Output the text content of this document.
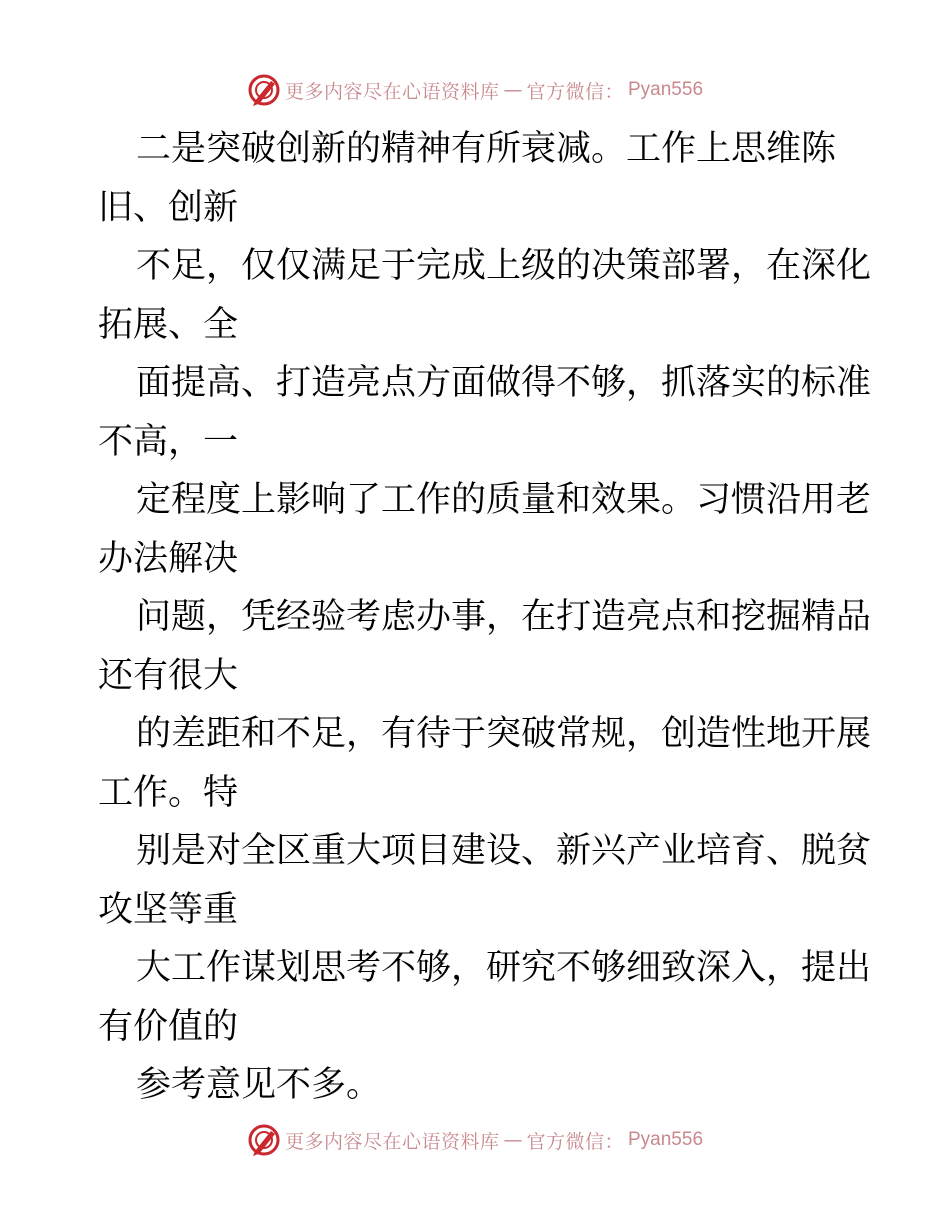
更多内容尽在心语资料库 — 官方微信： Pyan556
二是突破创新的精神有所衰减。工作上思维陈
旧、创新
不足，仅仅满足于完成上级的决策部署，在深化
拓展、全
面提高、打造亮点方面做得不够，抓落实的标准
不高，一
定程度上影响了工作的质量和效果。习惯沿用老
办法解决
问题，凭经验考虑办事，在打造亮点和挖掘精品
还有很大
的差距和不足，有待于突破常规，创造性地开展
工作。特
别是对全区重大项目建设、新兴产业培育、脱贫
攻坚等重
大工作谋划思考不够，研究不够细致深入，提出
有价值的
参考意见不多。
更多内容尽在心语资料库 — 官方微信： Pyan556
